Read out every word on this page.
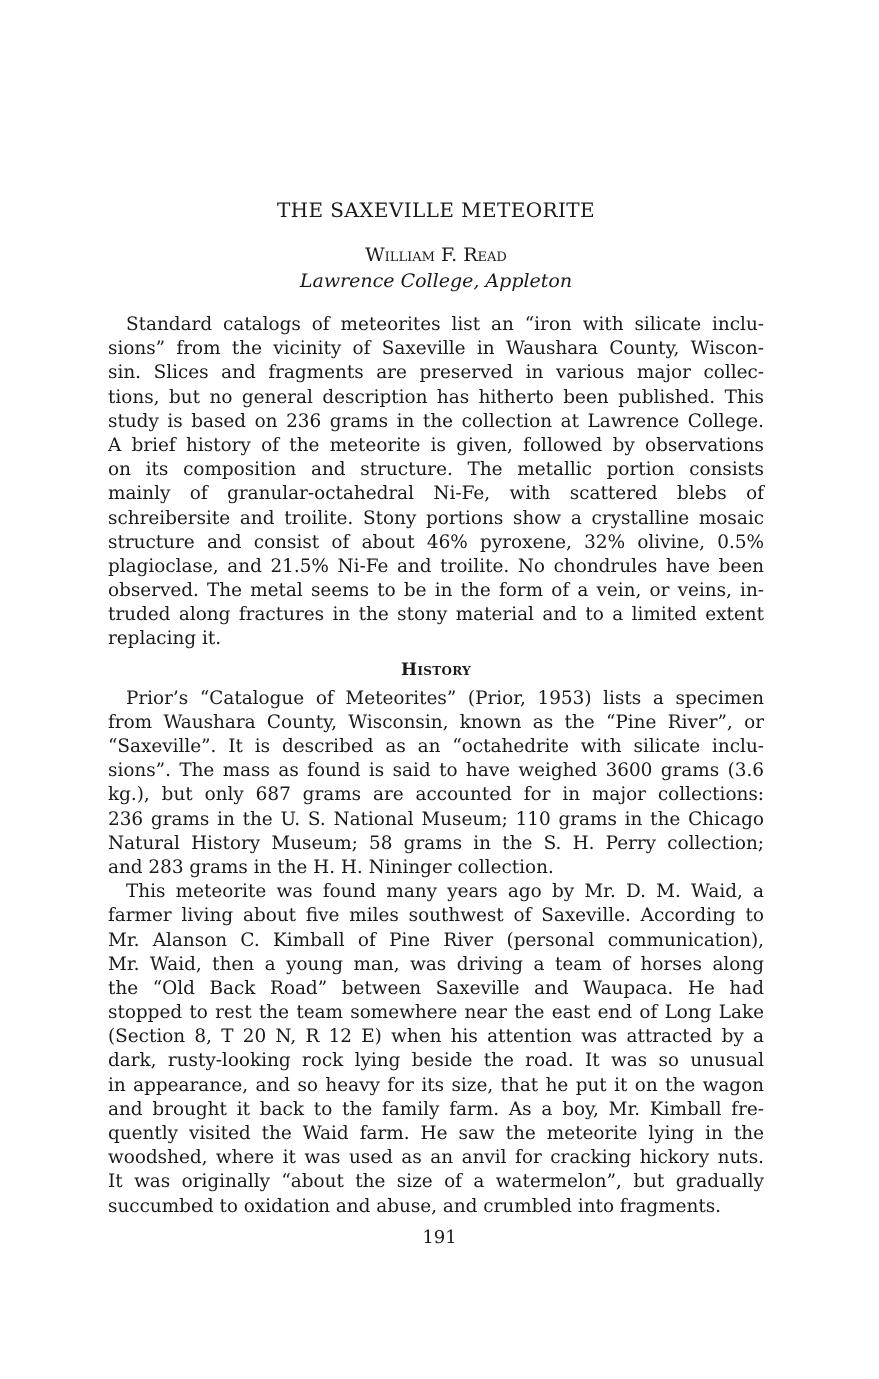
THE SAXEVILLE METEORITE

William F. Read

Lawrence College, Appleton

Standard catalogs of meteorites list an “iron with silicate inclu-
sions” from the vicinity of Saxeville in Waushara County, Wiscon-
sin. Slices and fragments are preserved in various major collec-
tions, but no general description has hitherto been published. This
study is based on 236 grams in the collection at Lawrence College.
A brief history of the meteorite is given, followed by observations
on its composition and structure. The metallic portion consists
mainly of granular-octahedral Ni-Fe, with scattered blebs of
schreibersite and troilite. Stony portions show a crystalline mosaic
structure and consist of about 46% pyroxene, 32% olivine, 0.5%
plagioclase, and 21.5% Ni-Fe and troilite. No chondrules have been
observed. The metal seems to be in the form of a vein, or veins, in-
truded along fractures in the stony material and to a limited extent
replacing it.
History
Prior’s “Catalogue of Meteorites” (Prior, 1953) lists a specimen
from Waushara County, Wisconsin, known as the “Pine River”, or
“Saxeville”. It is described as an “octahedrite with silicate inclu-
sions”. The mass as found is said to have weighed 3600 grams (3.6
kg.), but only 687 grams are accounted for in major collections:
236 grams in the U. S. National Museum; 110 grams in the Chicago
Natural History Museum; 58 grams in the S. H. Perry collection;
and 283 grams in the H. H. Nininger collection.
This meteorite was found many years ago by Mr. D. M. Waid, a
farmer living about five miles southwest of Saxeville. According to
Mr. Alanson C. Kimball of Pine River (personal communication),
Mr. Waid, then a young man, was driving a team of horses along
the “Old Back Road” between Saxeville and Waupaca. He had
stopped to rest the team somewhere near the east end of Long Lake
(Section 8, T 20 N, R 12 E) when his attention was attracted by a
dark, rusty-looking rock lying beside the road. It was so unusual
in appearance, and so heavy for its size, that he put it on the wagon
and brought it back to the family farm. As a boy, Mr. Kimball fre-
quently visited the Waid farm. He saw the meteorite lying in the
woodshed, where it was used as an anvil for cracking hickory nuts.
It was originally “about the size of a watermelon”, but gradually
succumbed to oxidation and abuse, and crumbled into fragments.
191
